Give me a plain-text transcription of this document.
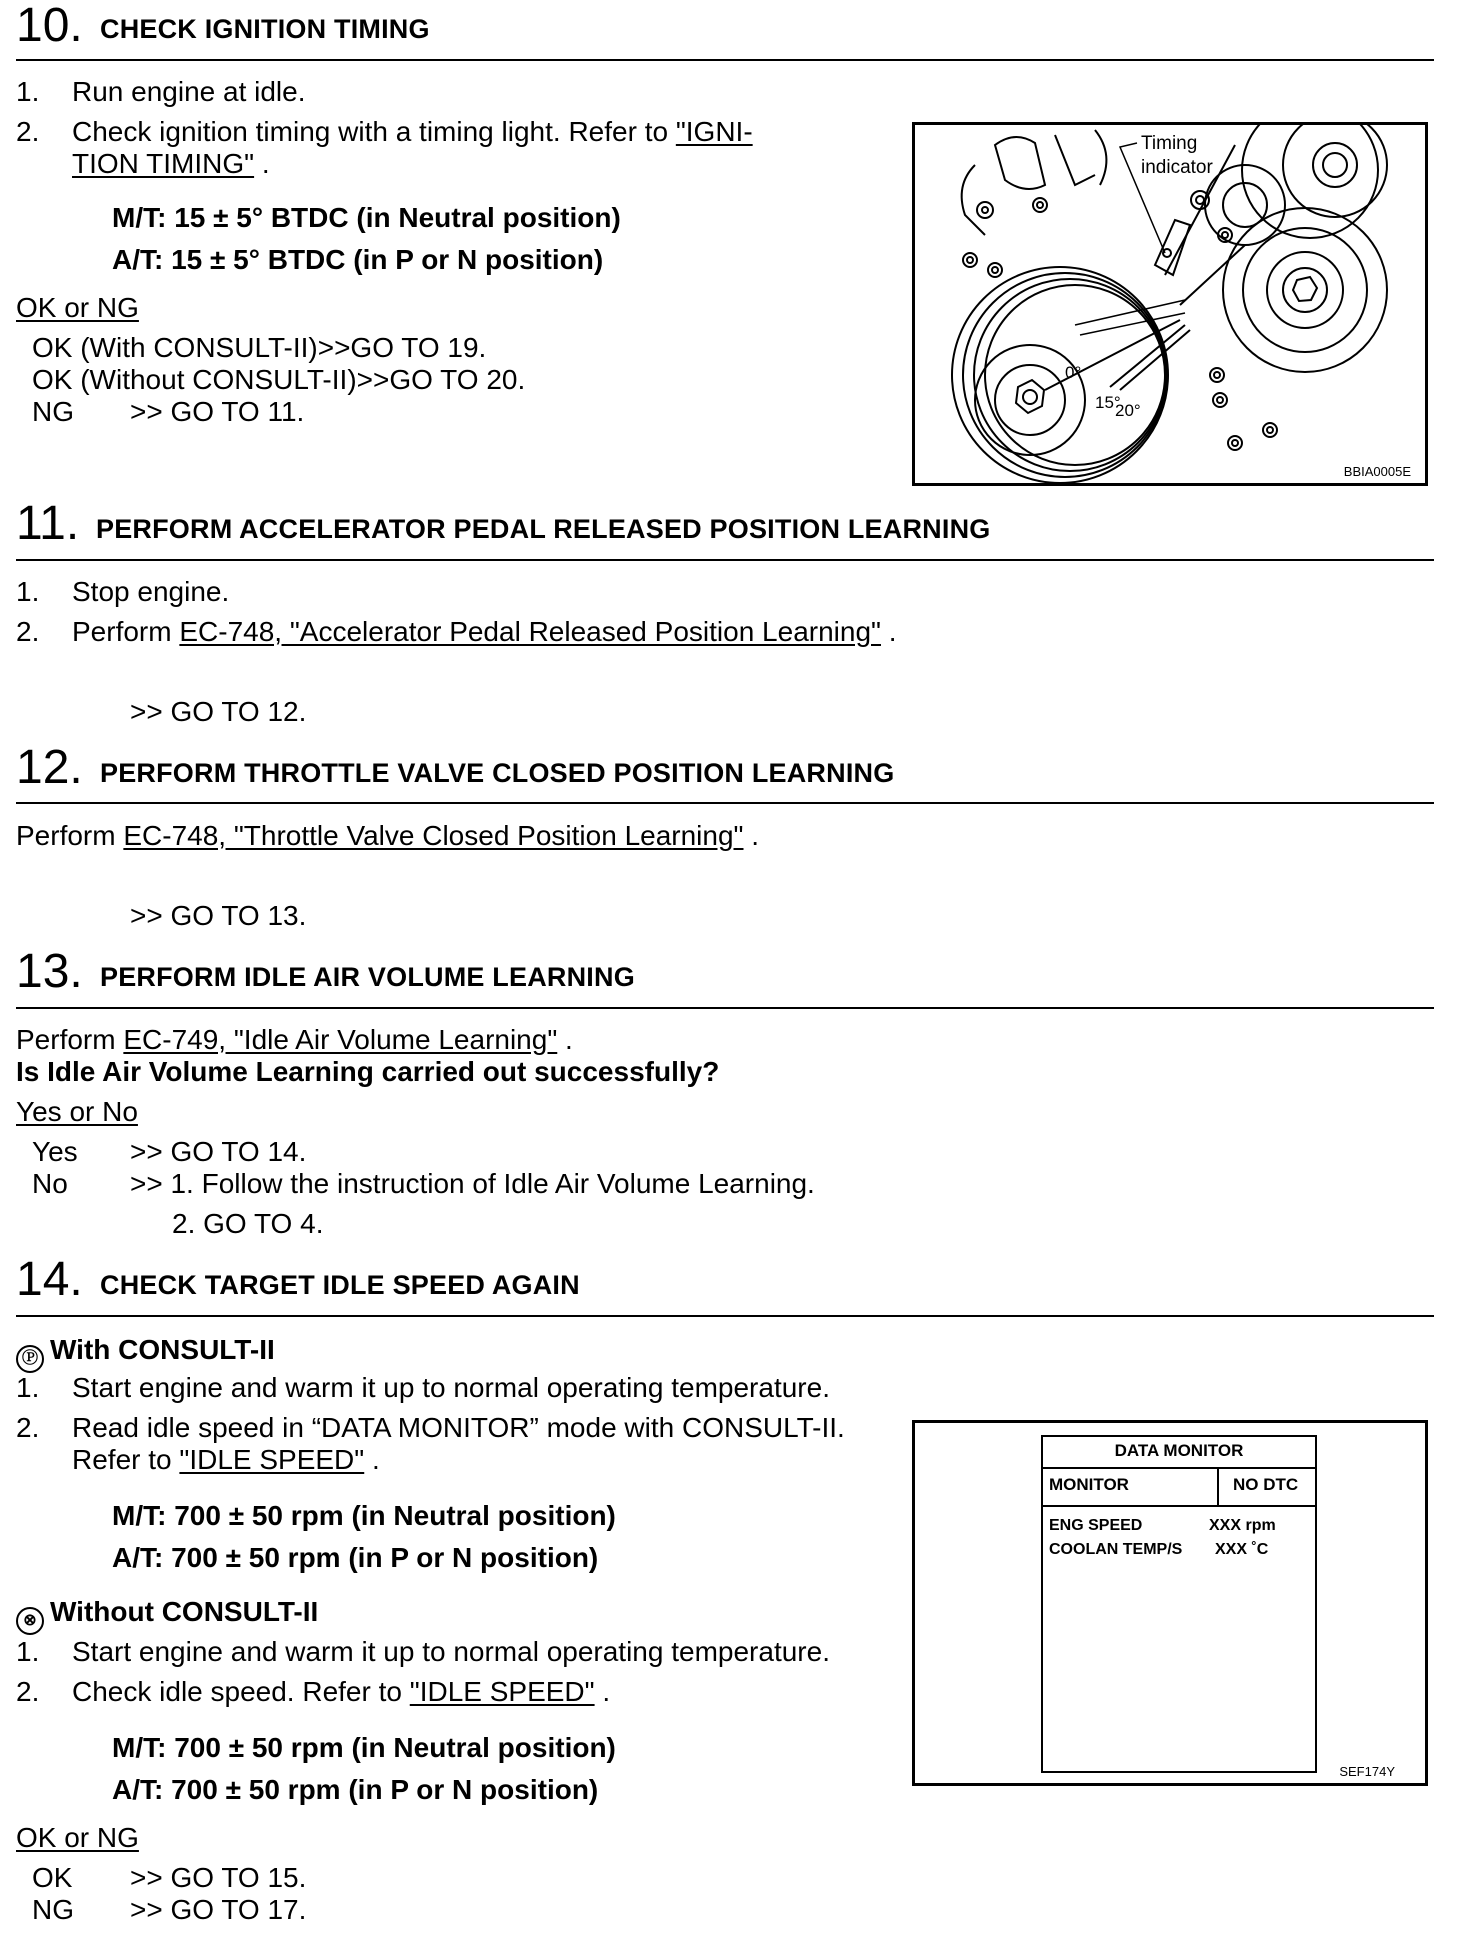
10. CHECK IGNITION TIMING
1. Run engine at idle.
2. Check ignition timing with a timing light. Refer to "IGNI-
TION TIMING" .
M/T: 15 ± 5° BTDC (in Neutral position)
A/T: 15 ± 5° BTDC (in P or N position)
OK or NG
OK (With CONSULT-II)>>GO TO 19.
OK (Without CONSULT-II)>>GO TO 20.
NG >> GO TO 11.
Timing
indicator
0°
15°
20°
BBIA0005E
11. PERFORM ACCELERATOR PEDAL RELEASED POSITION LEARNING
1. Stop engine.
2. Perform EC-748, "Accelerator Pedal Released Position Learning" .
>> GO TO 12.
12. PERFORM THROTTLE VALVE CLOSED POSITION LEARNING
Perform EC-748, "Throttle Valve Closed Position Learning" .
>> GO TO 13.
13. PERFORM IDLE AIR VOLUME LEARNING
Perform EC-749, "Idle Air Volume Learning" .
Is Idle Air Volume Learning carried out successfully?
Yes or No
Yes >> GO TO 14.
No >> 1. Follow the instruction of Idle Air Volume Learning.
2. GO TO 4.
14. CHECK TARGET IDLE SPEED AGAIN
Ⓟ With CONSULT-II
1. Start engine and warm it up to normal operating temperature.
2. Read idle speed in “DATA MONITOR” mode with CONSULT-II.
Refer to "IDLE SPEED" .
M/T: 700 ± 50 rpm (in Neutral position)
A/T: 700 ± 50 rpm (in P or N position)
⊗ Without CONSULT-II
1. Start engine and warm it up to normal operating temperature.
2. Check idle speed. Refer to "IDLE SPEED" .
M/T: 700 ± 50 rpm (in Neutral position)
A/T: 700 ± 50 rpm (in P or N position)
OK or NG
OK >> GO TO 15.
NG >> GO TO 17.
DATA MONITOR
MONITOR	NO DTC
ENG SPEED	XXX rpm
COOLAN TEMP/S XXX ˚C
SEF174Y
